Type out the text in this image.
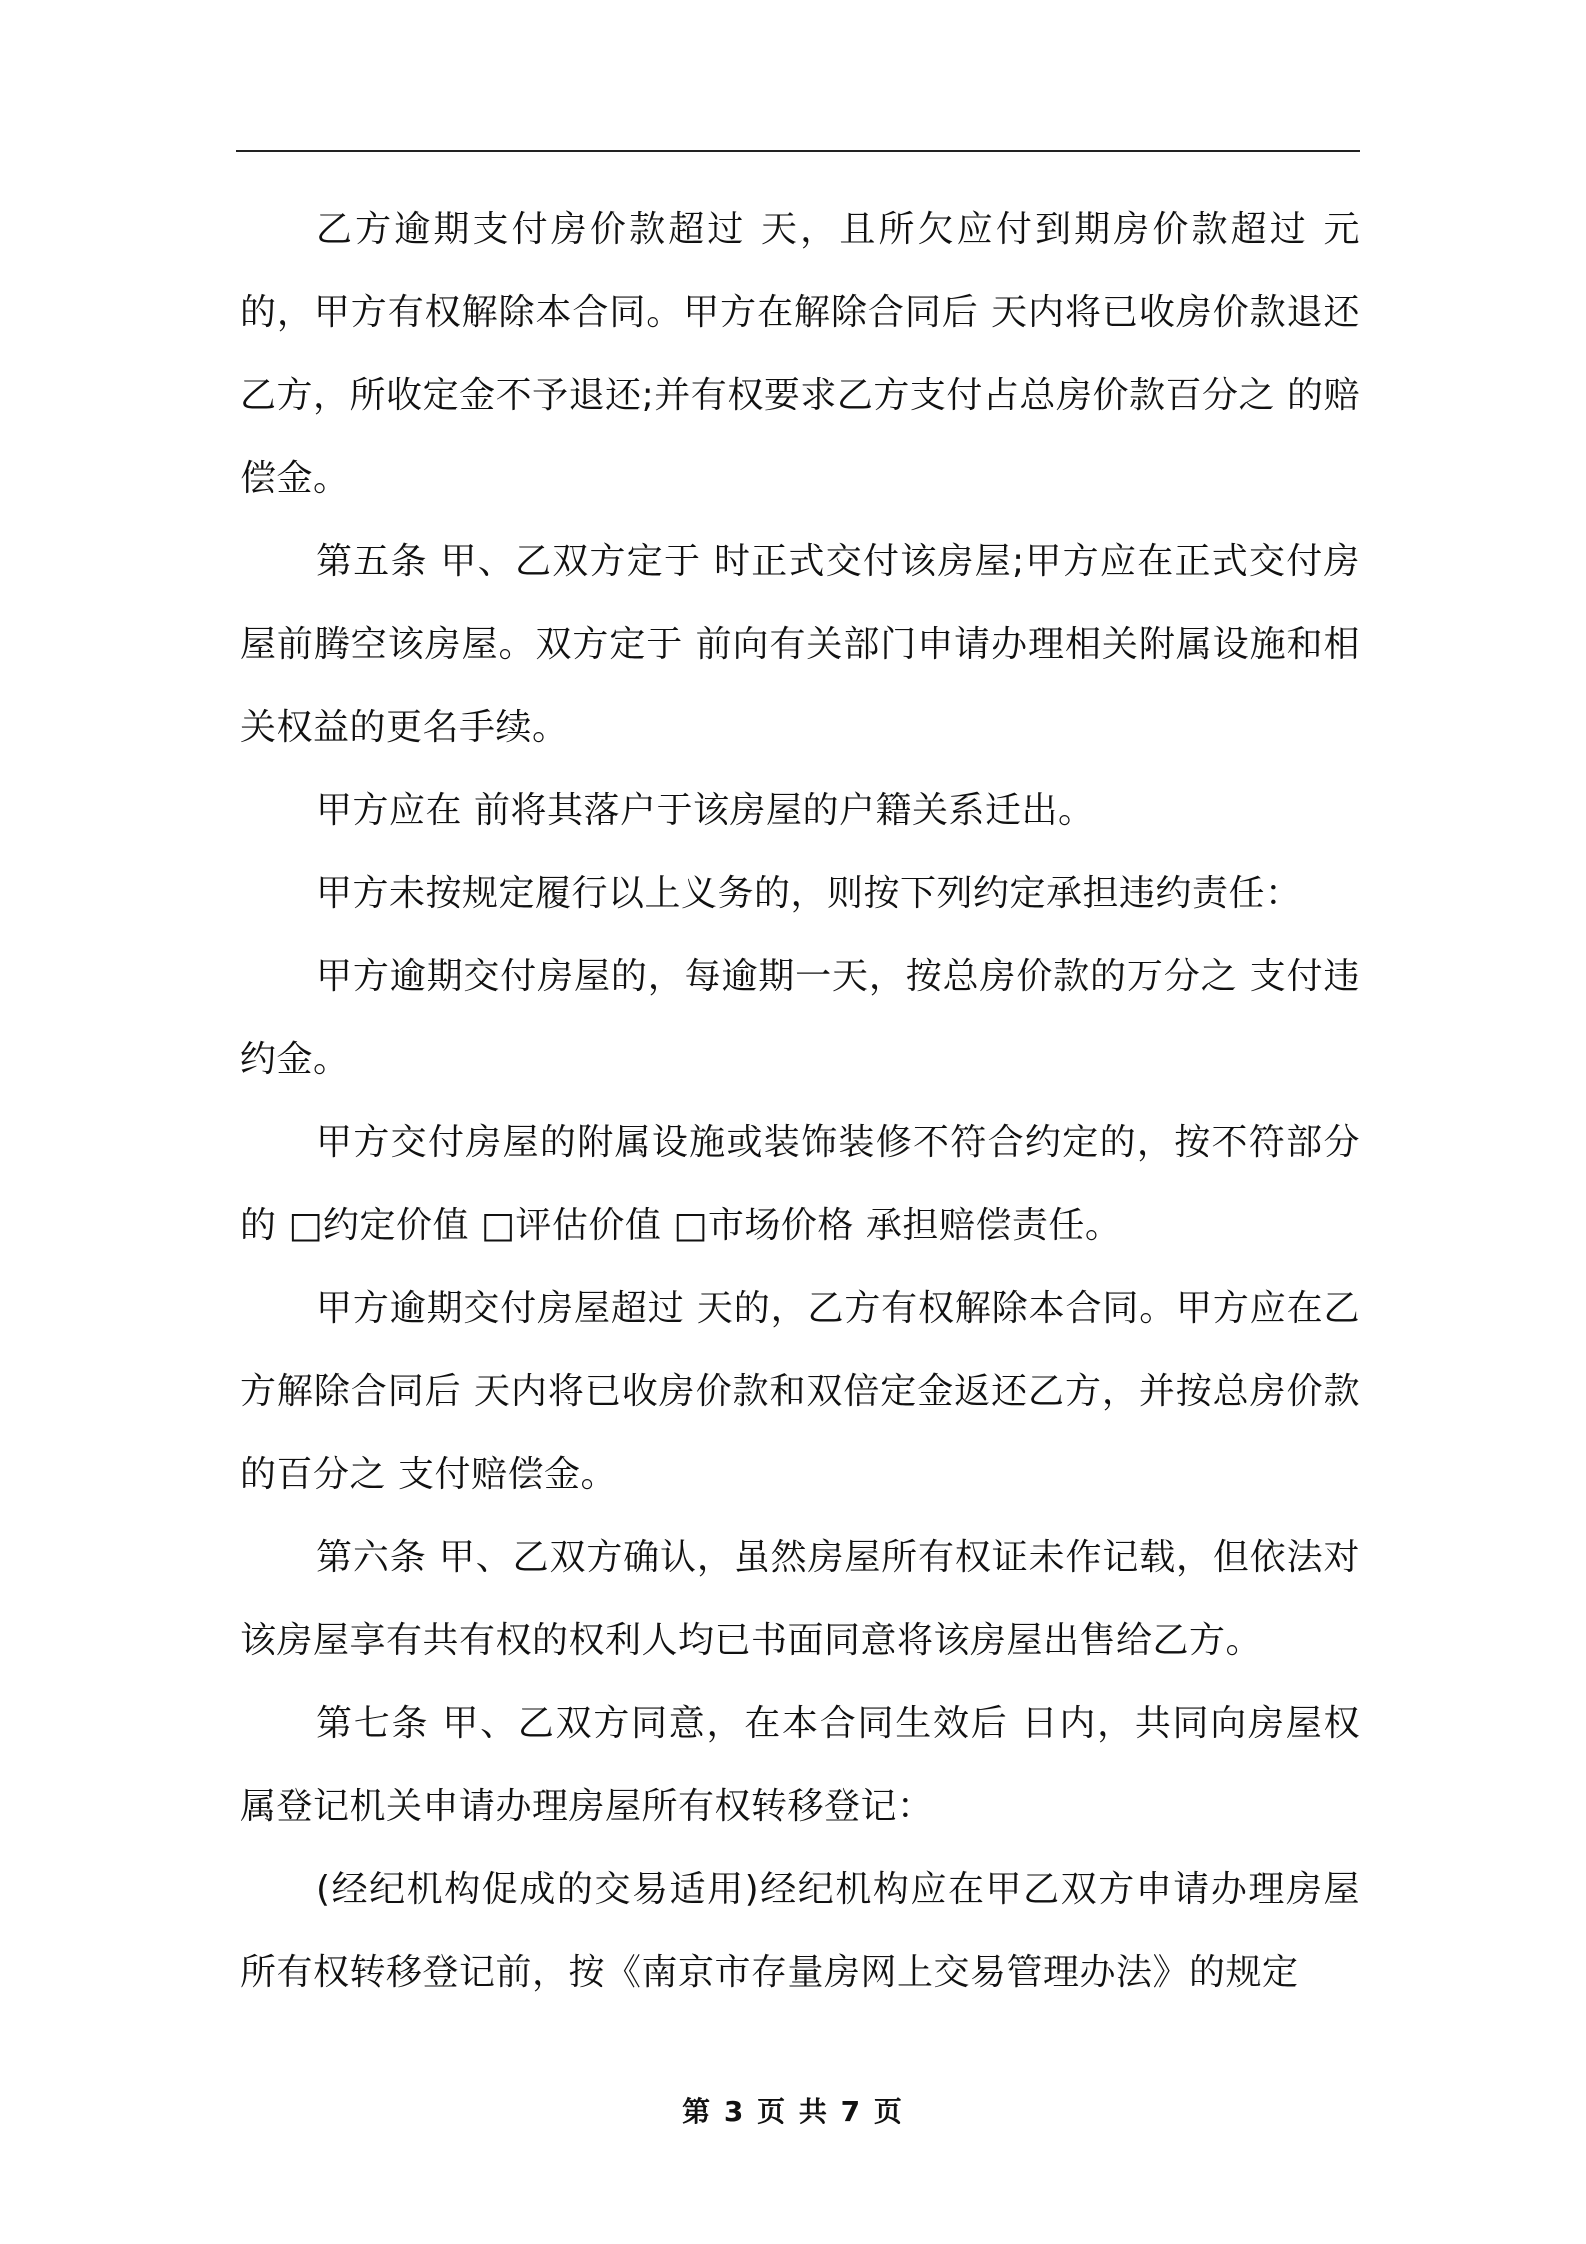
乙方逾期支付房价款超过 天，且所欠应付到期房价款超过 元的，甲方有权解除本合同。甲方在解除合同后 天内将已收房价款退还乙方，所收定金不予退还;并有权要求乙方支付占总房价款百分之 的赔偿金。

第五条 甲、乙双方定于 时正式交付该房屋;甲方应在正式交付房屋前腾空该房屋。双方定于 前向有关部门申请办理相关附属设施和相关权益的更名手续。

甲方应在 前将其落户于该房屋的户籍关系迁出。

甲方未按规定履行以上义务的，则按下列约定承担违约责任：

甲方逾期交付房屋的，每逾期一天，按总房价款的万分之 支付违约金。

甲方交付房屋的附属设施或装饰装修不符合约定的，按不符部分的 □约定价值 □评估价值 □市场价格 承担赔偿责任。

甲方逾期交付房屋超过 天的，乙方有权解除本合同。甲方应在乙方解除合同后 天内将已收房价款和双倍定金返还乙方，并按总房价款的百分之 支付赔偿金。

第六条 甲、乙双方确认，虽然房屋所有权证未作记载，但依法对该房屋享有共有权的权利人均已书面同意将该房屋出售给乙方。

第七条 甲、乙双方同意，在本合同生效后 日内，共同向房屋权属登记机关申请办理房屋所有权转移登记：

(经纪机构促成的交易适用)经纪机构应在甲乙双方申请办理房屋所有权转移登记前，按《南京市存量房网上交易管理办法》的规定

第 3 页 共 7 页
